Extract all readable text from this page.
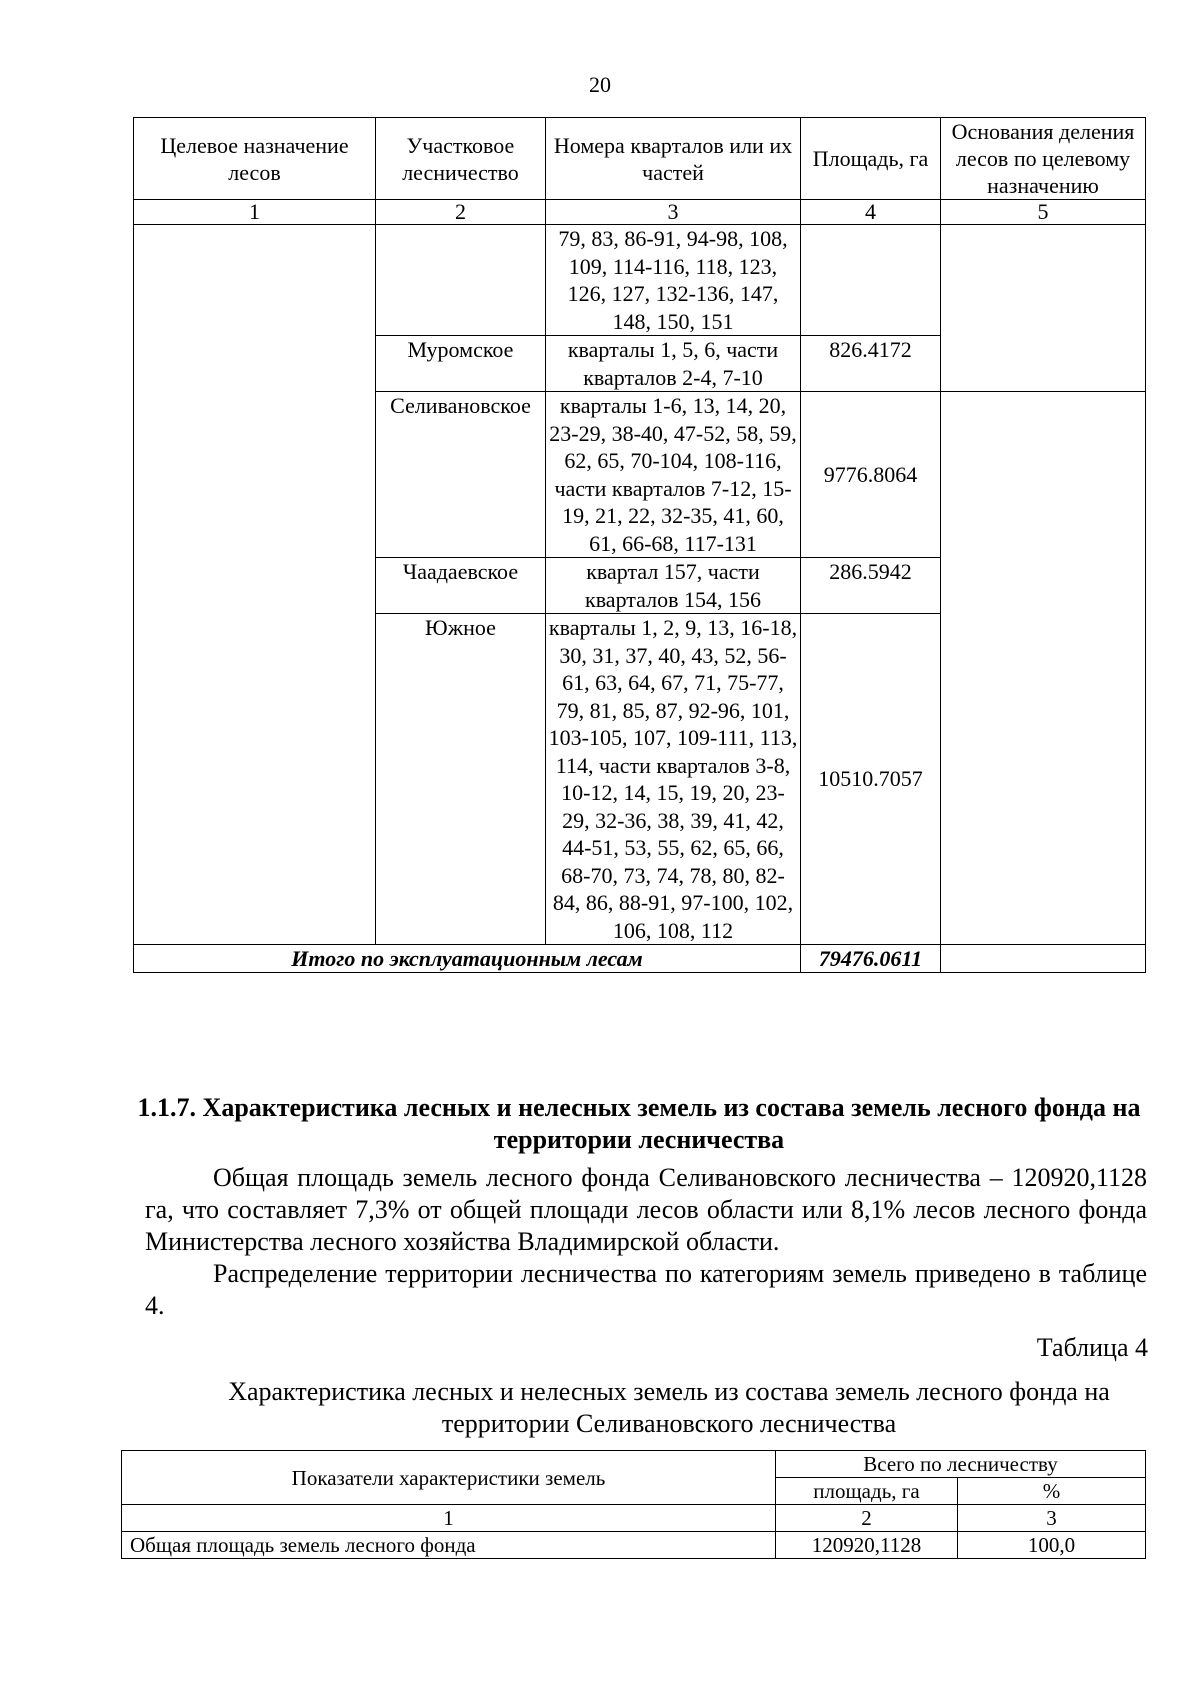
20
Целевое назначение лесов	Участковое лесничество	Номера кварталов или их частей	Площадь, га	Основания деления лесов по целевому назначению
1	2	3	4	5
		79, 83, 86-91, 94-98, 108, 109, 114-116, 118, 123, 126, 127, 132-136, 147, 148, 150, 151		
	Муромское	кварталы 1, 5, 6, части кварталов 2-4, 7-10	826.4172	
	Селивановское	кварталы 1-6, 13, 14, 20, 23-29, 38-40, 47-52, 58, 59, 62, 65, 70-104, 108-116, части кварталов 7-12, 15-19, 21, 22, 32-35, 41, 60, 61, 66-68, 117-131	9776.8064	
	Чаадаевское	квартал 157, части кварталов 154, 156	286.5942	
	Южное	кварталы 1, 2, 9, 13, 16-18, 30, 31, 37, 40, 43, 52, 56-61, 63, 64, 67, 71, 75-77, 79, 81, 85, 87, 92-96, 101, 103-105, 107, 109-111, 113, 114, части кварталов 3-8, 10-12, 14, 15, 19, 20, 23-29, 32-36, 38, 39, 41, 42, 44-51, 53, 55, 62, 65, 66, 68-70, 73, 74, 78, 80, 82-84, 86, 88-91, 97-100, 102, 106, 108, 112	10510.7057	
Итого по эксплуатационным лесам			79476.0611	
1.1.7. Характеристика лесных и нелесных земель из состава земель лесного фонда на территории лесничества

Общая площадь земель лесного фонда Селивановского лесничества – 120920,1128 га, что составляет 7,3% от общей площади лесов области или 8,1% лесов лесного фонда Министерства лесного хозяйства Владимирской области.

Распределение территории лесничества по категориям земель приведено в таблице 4.

Таблица 4
Характеристика лесных и нелесных земель из состава земель лесного фонда на территории Селивановского лесничества
Показатели характеристики земель	Всего по лесничеству	
	площадь, га	%
1	2	3
Общая площадь земель лесного фонда	120920,1128	100,0
